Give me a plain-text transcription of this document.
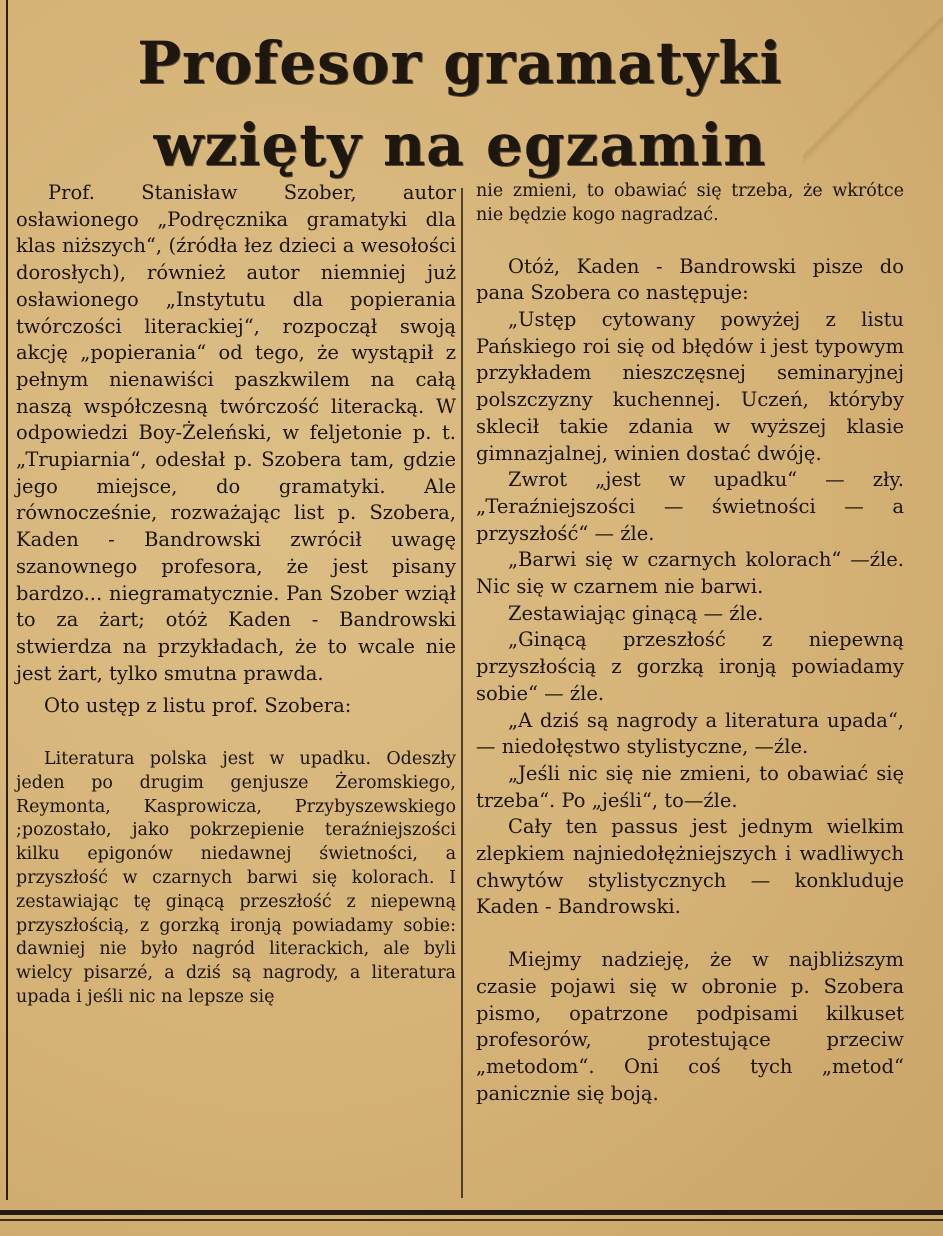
Profesor gramatyki wzięty na egzamin

Prof. Stanisław Szober, autor osławionego „Podręcznika gramatyki dla klas niższych“, (źródła łez dzieci a wesołości dorosłych), również autor niemniej już osławionego „Instytutu dla popierania twórczości literackiej“, rozpoczął swoją akcję „popierania“ od tego, że wystąpił z pełnym nienawiści paszkwilem na całą naszą współczesną twórczość literacką. W odpowiedzi Boy-Żeleński, w feljetonie p. t. „Trupiarnia“, odesłał p. Szobera tam, gdzie jego miejsce, do gramatyki. Ale równocześnie, rozważając list p. Szobera, Kaden - Bandrowski zwrócił uwagę szanownego profesora, że jest pisany bardzo... niegramatycznie. Pan Szober wziął to za żart; otóż Kaden - Bandrowski stwierdza na przykładach, że to wcale nie jest żart, tylko smutna prawda.

Oto ustęp z listu prof. Szobera:

Literatura polska jest w upadku. Odeszły jeden po drugim genjusze Żeromskiego, Reymonta, Kasprowicza, Przybyszewskiego ;pozostało, jako pokrzepienie teraźniejszości kilku epigonów niedawnej świetności, a przyszłość w czarnych barwi się kolorach. I zestawiając tę ginącą przeszłość z niepewną przyszłością, z gorzką ironją powiadamy sobie: dawniej nie było nagród literackich, ale byli wielcy pisarzé, a dziś są nagrody, a literatura upada i jeśli nic na lepsze się

nie zmieni, to obawiać się trzeba, że wkrótce nie będzie kogo nagradzać.

Otóż, Kaden - Bandrowski pisze do pana Szobera co następuje:

„Ustęp cytowany powyżej z listu Pańskiego roi się od błędów i jest typowym przykładem nieszczęsnej seminaryjnej polszczyzny kuchennej. Uczeń, któryby sklecił takie zdania w wyższej klasie gimnazjalnej, winien dostać dwóję.

Zwrot „jest w upadku“ — zły. „Teraźniejszości — świetności — a przyszłość“ — źle.

„Barwi się w czarnych kolorach“ —źle. Nic się w czarnem nie barwi.

Zestawiając ginącą — źle.

„Ginącą przeszłość z niepewną przyszłością z gorzką ironją powiadamy sobie“ — źle.

„A dziś są nagrody a literatura upada“, — niedołęstwo stylistyczne, —źle.

„Jeśli nic się nie zmieni, to obawiać się trzeba“. Po „jeśli“, to—źle.

Cały ten passus jest jednym wielkim zlepkiem najniedołężniejszych i wadliwych chwytów stylistycznych — konkluduje Kaden - Bandrowski.

Miejmy nadzieję, że w najbliższym czasie pojawi się w obronie p. Szobera pismo, opatrzone podpisami kilkuset profesorów, protestujące przeciw „metodom“. Oni coś tych „metod“ panicznie się boją.
